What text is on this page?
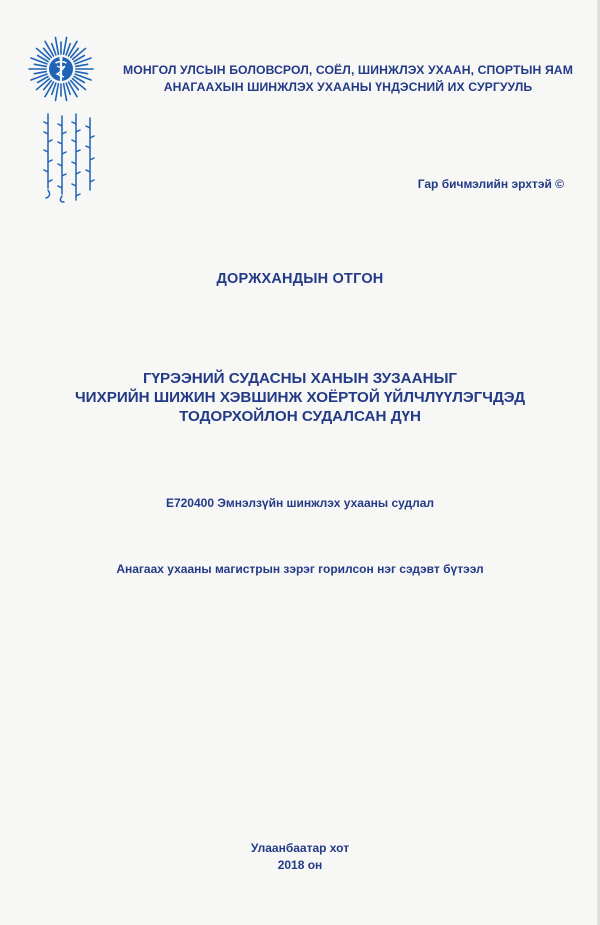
МОНГОЛ УЛСЫН БОЛОВСРОЛ, СОЁЛ, ШИНЖЛЭХ УХААН, СПОРТЫН ЯАМ
АНАГААХЫН ШИНЖЛЭХ УХААНЫ ҮНДЭСНИЙ ИХ СУРГУУЛЬ
Гар бичмэлийн эрхтэй ©
ДОРЖХАНДЫН ОТГОН
ГҮРЭЭНИЙ СУДАСНЫ ХАНЫН ЗУЗААНЫГ
ЧИХРИЙН ШИЖИН ХЭВШИНЖ ХОЁРТОЙ ҮЙЛЧЛҮҮЛЭГЧДЭД
ТОДОРХОЙЛОН СУДАЛСАН ДҮН
E720400 Эмнэлзүйн шинжлэх ухааны судлал
Анагаах ухааны магистрын зэрэг горилсон нэг сэдэвт бүтээл
Улаанбаатар хот
2018 он
